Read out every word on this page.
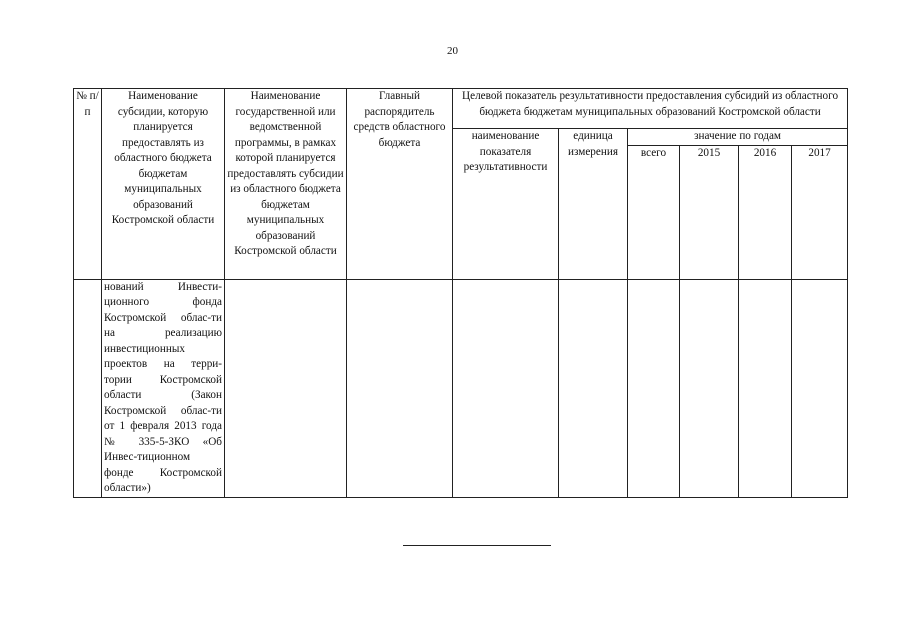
20
№ п/п	Наименование субсидии, которую планируется предоставлять из областного бюджета бюджетам муниципальных образований Костромской области	Наименование государственной или ведомственной программы, в рамках которой планируется предоставлять субсидии из областного бюджета бюджетам муниципальных образований Костромской области	Главный распорядитель средств областного бюджета	Целевой показатель результативности предоставления субсидий из областного бюджета бюджетам муниципальных образований Костромской области					
				наименование показателя результативности	единица измерения	значение по годам			
						всего	2015	2016	2017

	нований Инвести-ционного фонда Костромской облас-ти на реализацию инвестиционных проектов на терри-тории Костромской области (Закон Костромской облас-ти от 1 февраля 2013 года № 335-5-ЗКО «Об Инвес-тиционном фонде Костромской области»)								
